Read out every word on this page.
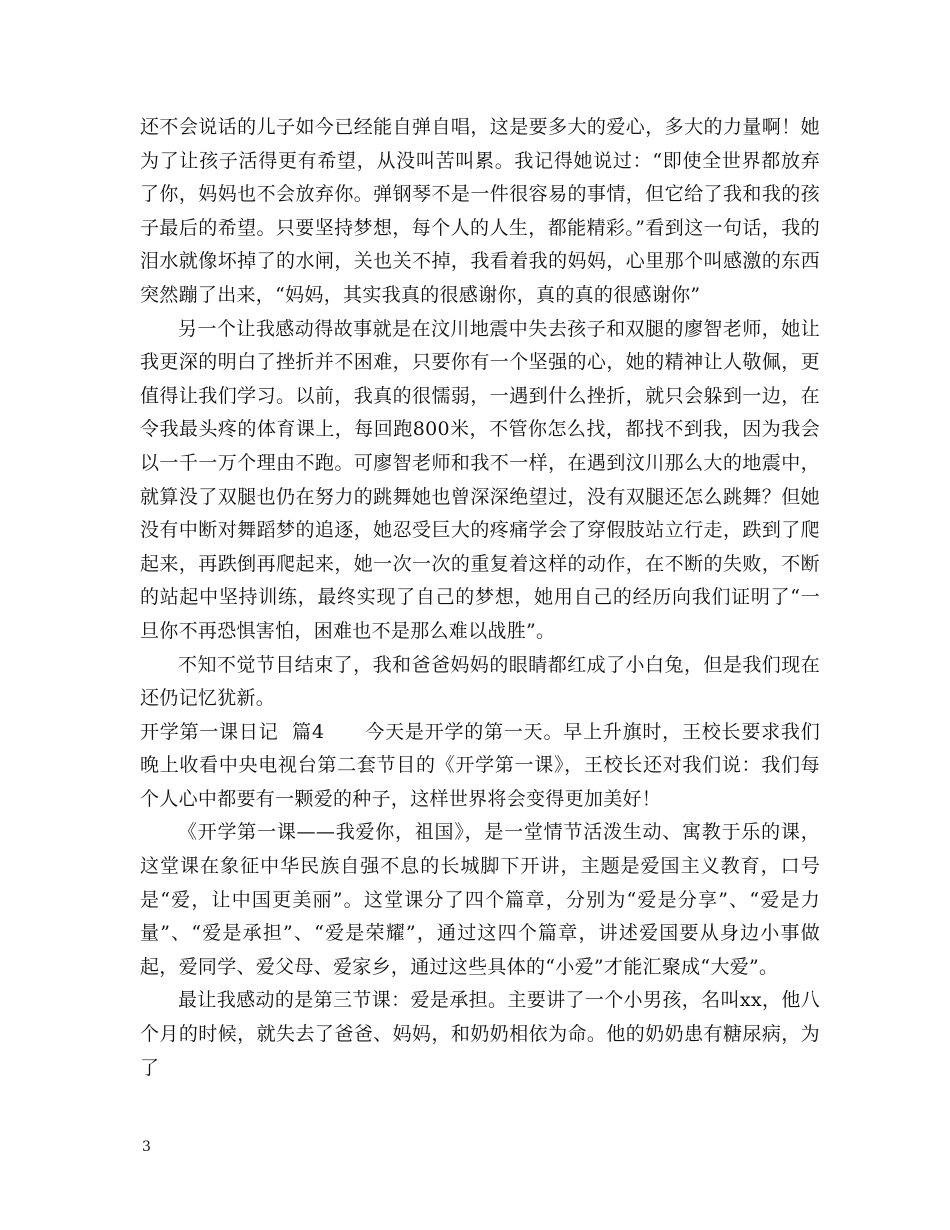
还不会说话的儿子如今已经能自弹自唱，这是要多大的爱心，多大的力量啊！她为了让孩子活得更有希望，从没叫苦叫累。我记得她说过：“即使全世界都放弃了你，妈妈也不会放弃你。弹钢琴不是一件很容易的事情，但它给了我和我的孩子最后的希望。只要坚持梦想，每个人的人生，都能精彩。”看到这一句话，我的泪水就像坏掉了的水闸，关也关不掉，我看着我的妈妈，心里那个叫感激的东西突然蹦了出来，“妈妈，其实我真的很感谢你，真的真的很感谢你”

另一个让我感动得故事就是在汶川地震中失去孩子和双腿的廖智老师，她让我更深的明白了挫折并不困难，只要你有一个坚强的心，她的精神让人敬佩，更值得让我们学习。以前，我真的很懦弱，一遇到什么挫折，就只会躲到一边，在令我最头疼的体育课上，每回跑800米，不管你怎么找，都找不到我，因为我会以一千一万个理由不跑。可廖智老师和我不一样，在遇到汶川那么大的地震中，就算没了双腿也仍在努力的跳舞她也曾深深绝望过，没有双腿还怎么跳舞？但她没有中断对舞蹈梦的追逐，她忍受巨大的疼痛学会了穿假肢站立行走，跌到了爬起来，再跌倒再爬起来，她一次一次的重复着这样的动作，在不断的失败，不断的站起中坚持训练，最终实现了自己的梦想，她用自己的经历向我们证明了“一旦你不再恐惧害怕，困难也不是那么难以战胜”。

不知不觉节目结束了，我和爸爸妈妈的眼睛都红成了小白兔，但是我们现在还仍记忆犹新。

开学第一课日记  篇4 今天是开学的第一天。早上升旗时，王校长要求我们晚上收看中央电视台第二套节目的《开学第一课》，王校长还对我们说：我们每个人心中都要有一颗爱的种子，这样世界将会变得更加美好！

《开学第一课——我爱你，祖国》，是一堂情节活泼生动、寓教于乐的课，这堂课在象征中华民族自强不息的长城脚下开讲，主题是爱国主义教育，口号是“爱，让中国更美丽”。这堂课分了四个篇章，分别为“爱是分享”、“爱是力量”、“爱是承担”、“爱是荣耀”，通过这四个篇章，讲述爱国要从身边小事做起，爱同学、爱父母、爱家乡，通过这些具体的“小爱”才能汇聚成“大爱”。

最让我感动的是第三节课：爱是承担。主要讲了一个小男孩，名叫xx，他八个月的时候，就失去了爸爸、妈妈，和奶奶相依为命。他的奶奶患有糖尿病，为了

3
